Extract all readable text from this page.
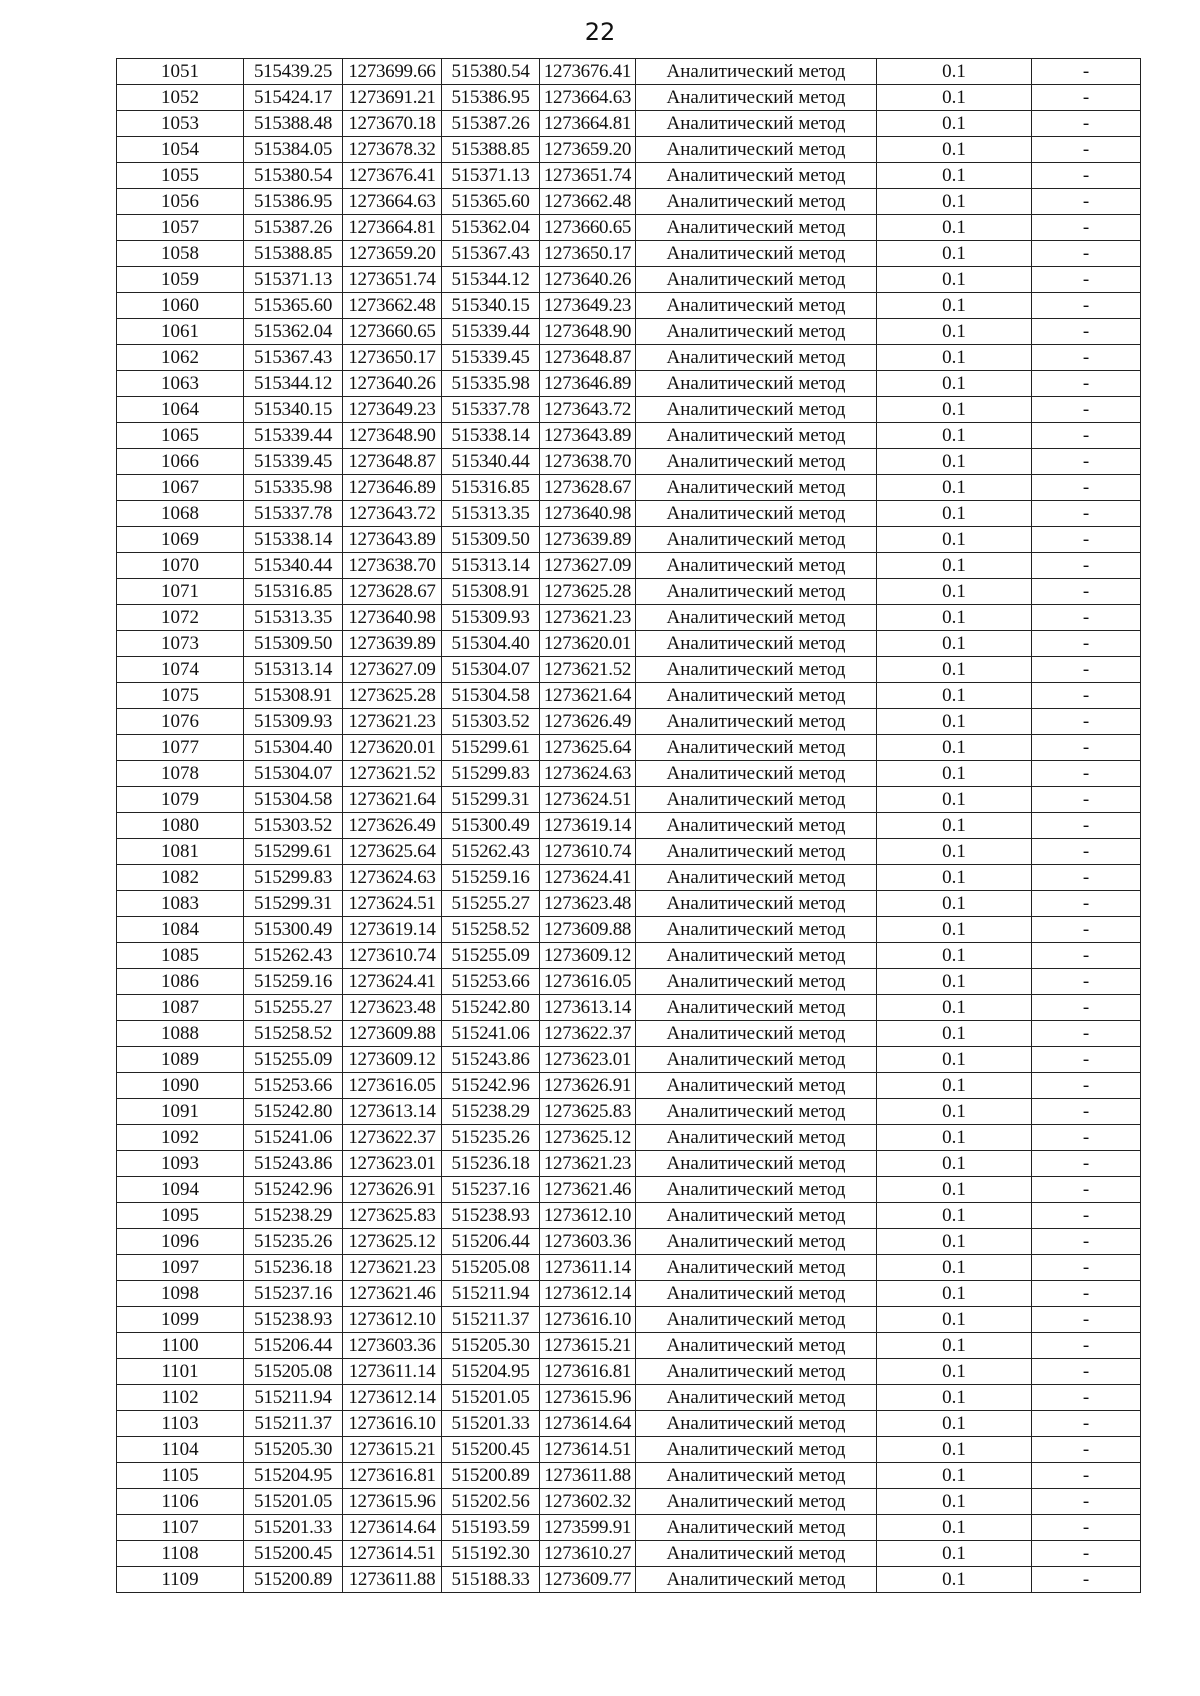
22
1051	515439.25	1273699.66	515380.54	1273676.41	Аналитический метод	0.1	-
1052	515424.17	1273691.21	515386.95	1273664.63	Аналитический метод	0.1	-
1053	515388.48	1273670.18	515387.26	1273664.81	Аналитический метод	0.1	-
1054	515384.05	1273678.32	515388.85	1273659.20	Аналитический метод	0.1	-
1055	515380.54	1273676.41	515371.13	1273651.74	Аналитический метод	0.1	-
1056	515386.95	1273664.63	515365.60	1273662.48	Аналитический метод	0.1	-
1057	515387.26	1273664.81	515362.04	1273660.65	Аналитический метод	0.1	-
1058	515388.85	1273659.20	515367.43	1273650.17	Аналитический метод	0.1	-
1059	515371.13	1273651.74	515344.12	1273640.26	Аналитический метод	0.1	-
1060	515365.60	1273662.48	515340.15	1273649.23	Аналитический метод	0.1	-
1061	515362.04	1273660.65	515339.44	1273648.90	Аналитический метод	0.1	-
1062	515367.43	1273650.17	515339.45	1273648.87	Аналитический метод	0.1	-
1063	515344.12	1273640.26	515335.98	1273646.89	Аналитический метод	0.1	-
1064	515340.15	1273649.23	515337.78	1273643.72	Аналитический метод	0.1	-
1065	515339.44	1273648.90	515338.14	1273643.89	Аналитический метод	0.1	-
1066	515339.45	1273648.87	515340.44	1273638.70	Аналитический метод	0.1	-
1067	515335.98	1273646.89	515316.85	1273628.67	Аналитический метод	0.1	-
1068	515337.78	1273643.72	515313.35	1273640.98	Аналитический метод	0.1	-
1069	515338.14	1273643.89	515309.50	1273639.89	Аналитический метод	0.1	-
1070	515340.44	1273638.70	515313.14	1273627.09	Аналитический метод	0.1	-
1071	515316.85	1273628.67	515308.91	1273625.28	Аналитический метод	0.1	-
1072	515313.35	1273640.98	515309.93	1273621.23	Аналитический метод	0.1	-
1073	515309.50	1273639.89	515304.40	1273620.01	Аналитический метод	0.1	-
1074	515313.14	1273627.09	515304.07	1273621.52	Аналитический метод	0.1	-
1075	515308.91	1273625.28	515304.58	1273621.64	Аналитический метод	0.1	-
1076	515309.93	1273621.23	515303.52	1273626.49	Аналитический метод	0.1	-
1077	515304.40	1273620.01	515299.61	1273625.64	Аналитический метод	0.1	-
1078	515304.07	1273621.52	515299.83	1273624.63	Аналитический метод	0.1	-
1079	515304.58	1273621.64	515299.31	1273624.51	Аналитический метод	0.1	-
1080	515303.52	1273626.49	515300.49	1273619.14	Аналитический метод	0.1	-
1081	515299.61	1273625.64	515262.43	1273610.74	Аналитический метод	0.1	-
1082	515299.83	1273624.63	515259.16	1273624.41	Аналитический метод	0.1	-
1083	515299.31	1273624.51	515255.27	1273623.48	Аналитический метод	0.1	-
1084	515300.49	1273619.14	515258.52	1273609.88	Аналитический метод	0.1	-
1085	515262.43	1273610.74	515255.09	1273609.12	Аналитический метод	0.1	-
1086	515259.16	1273624.41	515253.66	1273616.05	Аналитический метод	0.1	-
1087	515255.27	1273623.48	515242.80	1273613.14	Аналитический метод	0.1	-
1088	515258.52	1273609.88	515241.06	1273622.37	Аналитический метод	0.1	-
1089	515255.09	1273609.12	515243.86	1273623.01	Аналитический метод	0.1	-
1090	515253.66	1273616.05	515242.96	1273626.91	Аналитический метод	0.1	-
1091	515242.80	1273613.14	515238.29	1273625.83	Аналитический метод	0.1	-
1092	515241.06	1273622.37	515235.26	1273625.12	Аналитический метод	0.1	-
1093	515243.86	1273623.01	515236.18	1273621.23	Аналитический метод	0.1	-
1094	515242.96	1273626.91	515237.16	1273621.46	Аналитический метод	0.1	-
1095	515238.29	1273625.83	515238.93	1273612.10	Аналитический метод	0.1	-
1096	515235.26	1273625.12	515206.44	1273603.36	Аналитический метод	0.1	-
1097	515236.18	1273621.23	515205.08	1273611.14	Аналитический метод	0.1	-
1098	515237.16	1273621.46	515211.94	1273612.14	Аналитический метод	0.1	-
1099	515238.93	1273612.10	515211.37	1273616.10	Аналитический метод	0.1	-
1100	515206.44	1273603.36	515205.30	1273615.21	Аналитический метод	0.1	-
1101	515205.08	1273611.14	515204.95	1273616.81	Аналитический метод	0.1	-
1102	515211.94	1273612.14	515201.05	1273615.96	Аналитический метод	0.1	-
1103	515211.37	1273616.10	515201.33	1273614.64	Аналитический метод	0.1	-
1104	515205.30	1273615.21	515200.45	1273614.51	Аналитический метод	0.1	-
1105	515204.95	1273616.81	515200.89	1273611.88	Аналитический метод	0.1	-
1106	515201.05	1273615.96	515202.56	1273602.32	Аналитический метод	0.1	-
1107	515201.33	1273614.64	515193.59	1273599.91	Аналитический метод	0.1	-
1108	515200.45	1273614.51	515192.30	1273610.27	Аналитический метод	0.1	-
1109	515200.89	1273611.88	515188.33	1273609.77	Аналитический метод	0.1	-
